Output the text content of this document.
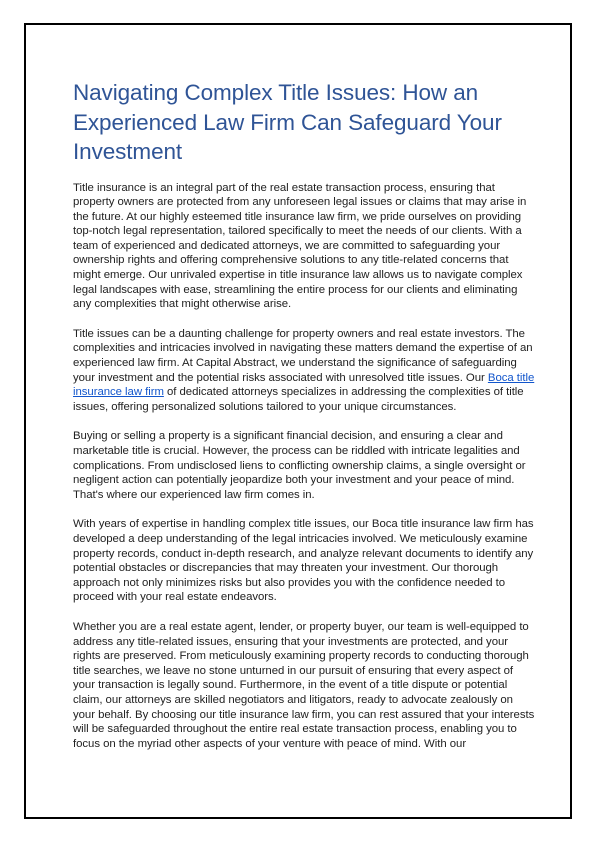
Navigating Complex Title Issues: How an Experienced Law Firm Can Safeguard Your Investment

Title insurance is an integral part of the real estate transaction process, ensuring that property owners are protected from any unforeseen legal issues or claims that may arise in the future. At our highly esteemed title insurance law firm, we pride ourselves on providing top-notch legal representation, tailored specifically to meet the needs of our clients. With a team of experienced and dedicated attorneys, we are committed to safeguarding your ownership rights and offering comprehensive solutions to any title-related concerns that might emerge. Our unrivaled expertise in title insurance law allows us to navigate complex legal landscapes with ease, streamlining the entire process for our clients and eliminating any complexities that might otherwise arise.

Title issues can be a daunting challenge for property owners and real estate investors. The complexities and intricacies involved in navigating these matters demand the expertise of an experienced law firm. At Capital Abstract, we understand the significance of safeguarding your investment and the potential risks associated with unresolved title issues. Our Boca title insurance law firm of dedicated attorneys specializes in addressing the complexities of title issues, offering personalized solutions tailored to your unique circumstances.

Buying or selling a property is a significant financial decision, and ensuring a clear and marketable title is crucial. However, the process can be riddled with intricate legalities and complications. From undisclosed liens to conflicting ownership claims, a single oversight or negligent action can potentially jeopardize both your investment and your peace of mind. That's where our experienced law firm comes in.

With years of expertise in handling complex title issues, our Boca title insurance law firm has developed a deep understanding of the legal intricacies involved. We meticulously examine property records, conduct in-depth research, and analyze relevant documents to identify any potential obstacles or discrepancies that may threaten your investment. Our thorough approach not only minimizes risks but also provides you with the confidence needed to proceed with your real estate endeavors.

Whether you are a real estate agent, lender, or property buyer, our team is well-equipped to address any title-related issues, ensuring that your investments are protected, and your rights are preserved. From meticulously examining property records to conducting thorough title searches, we leave no stone unturned in our pursuit of ensuring that every aspect of your transaction is legally sound. Furthermore, in the event of a title dispute or potential claim, our attorneys are skilled negotiators and litigators, ready to advocate zealously on your behalf. By choosing our title insurance law firm, you can rest assured that your interests will be safeguarded throughout the entire real estate transaction process, enabling you to focus on the myriad other aspects of your venture with peace of mind. With our
